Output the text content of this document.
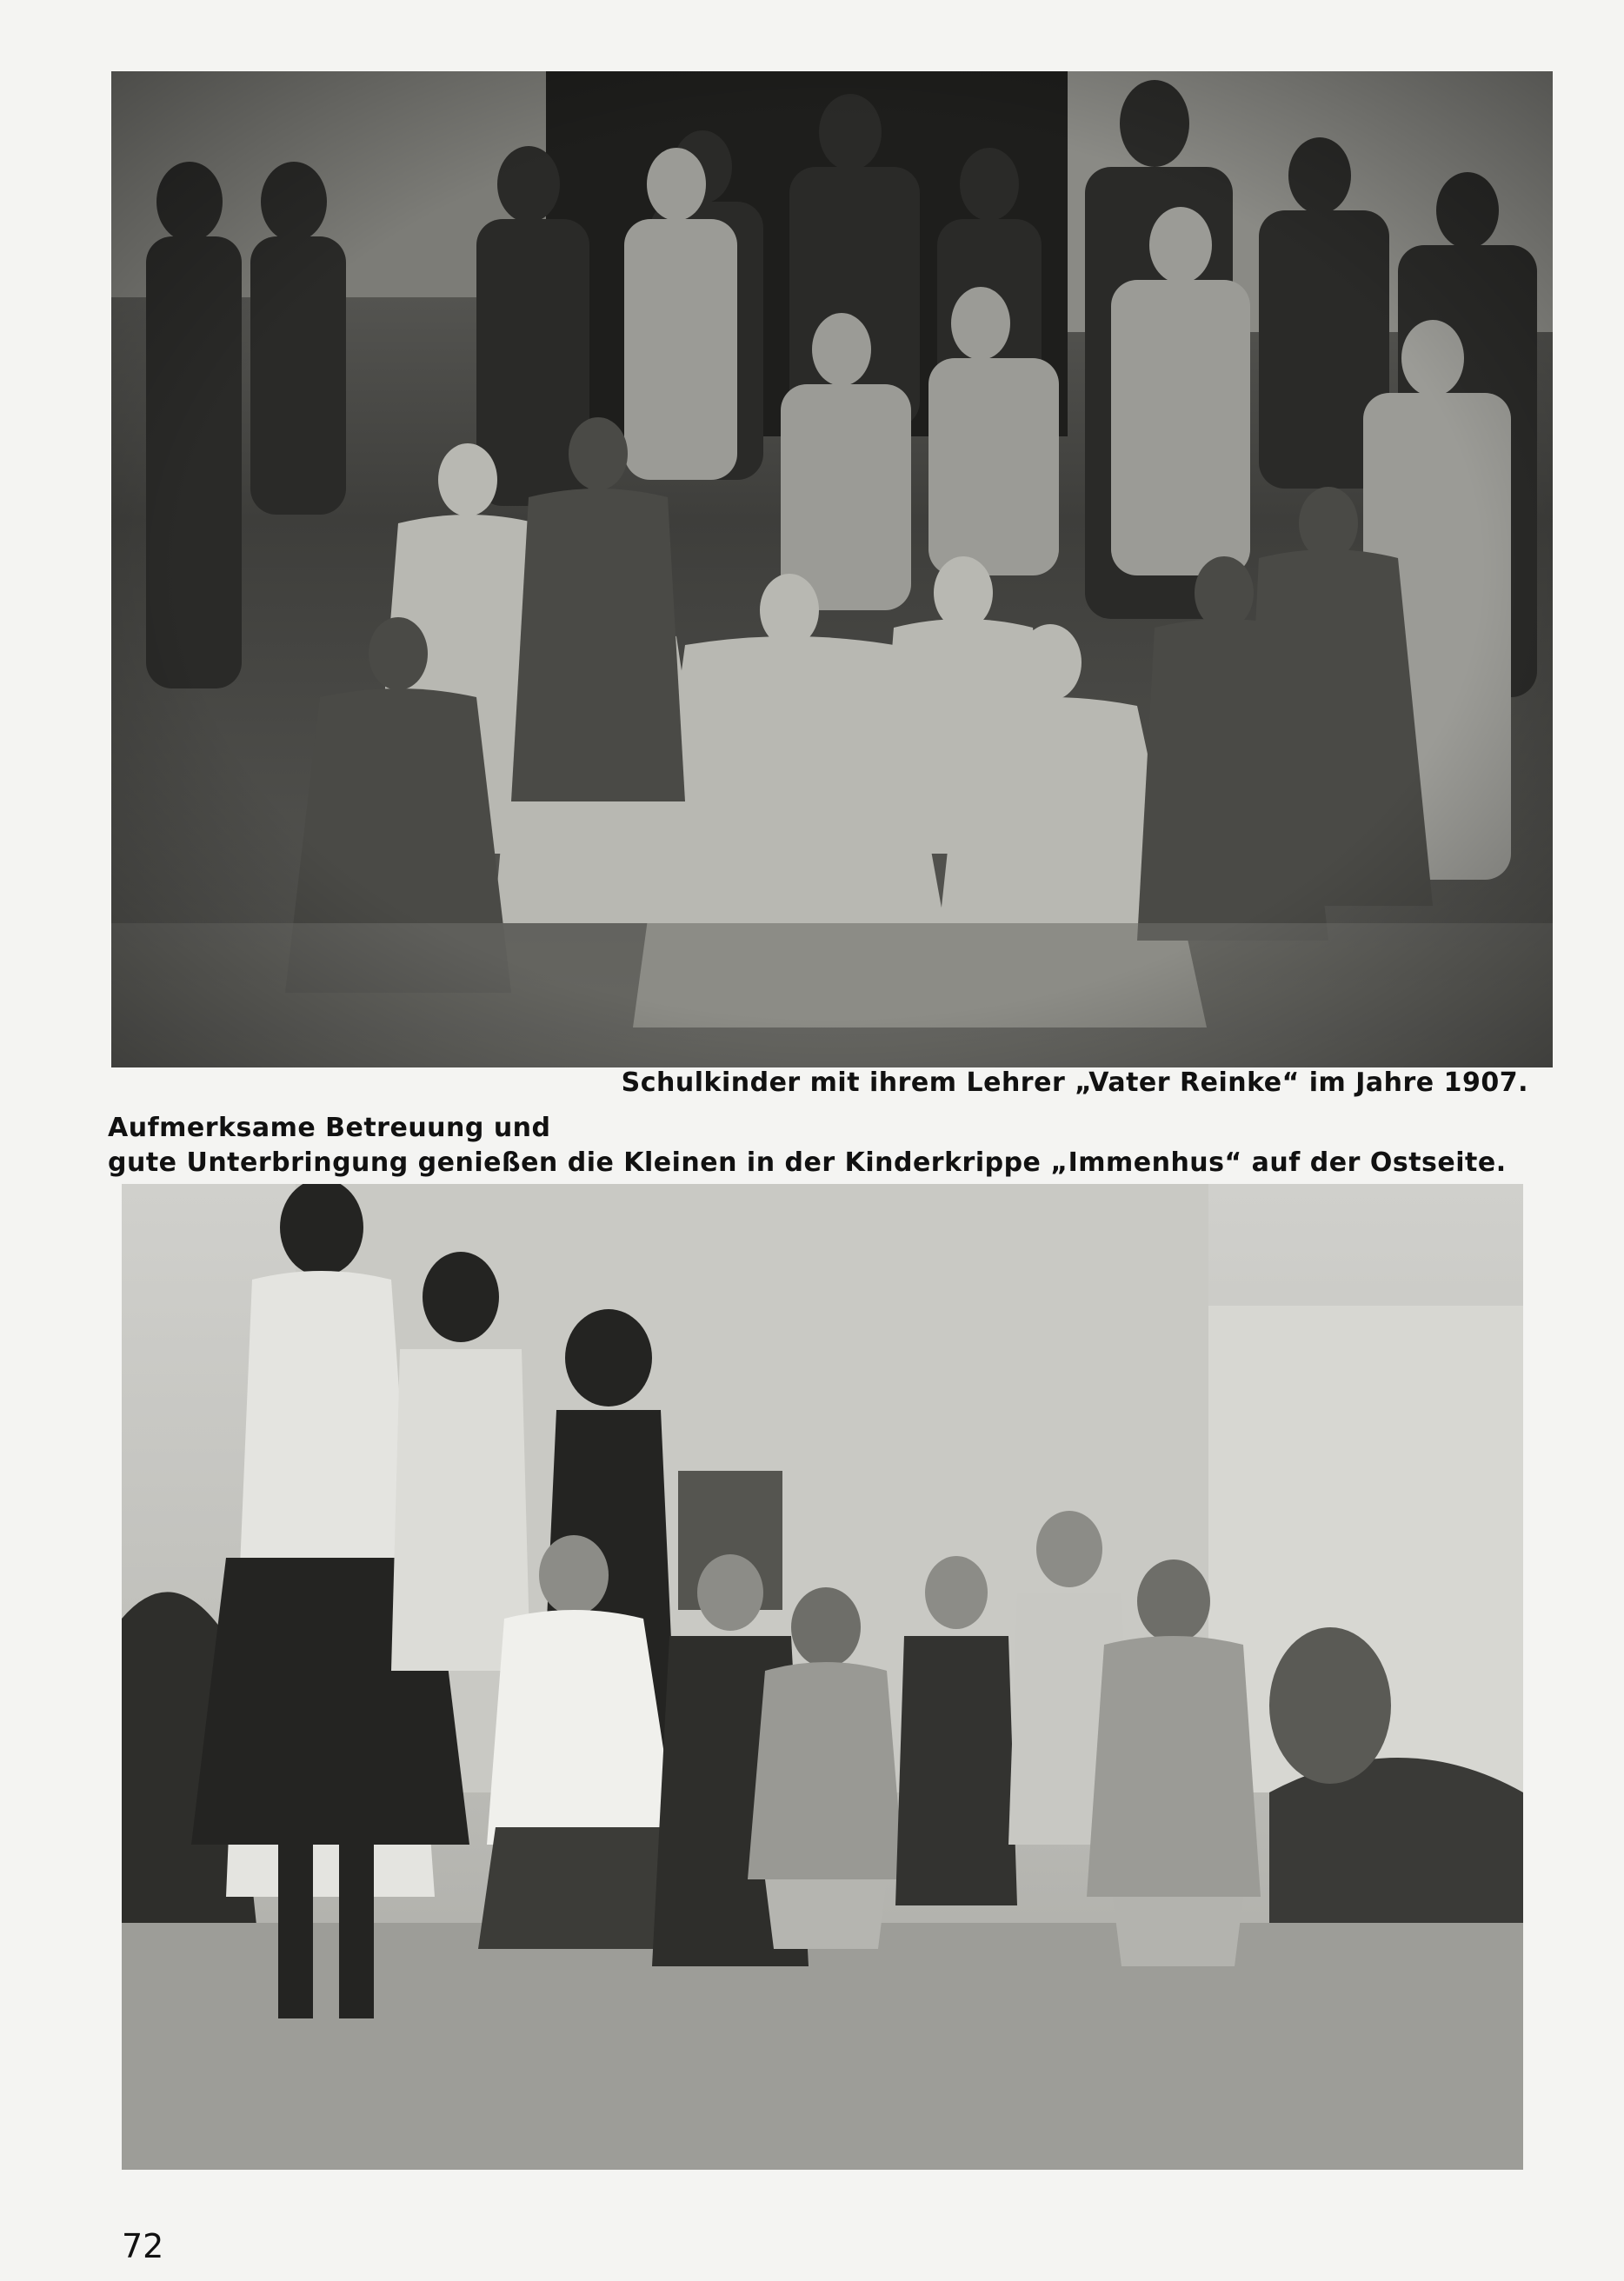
Schulkinder mit ihrem Lehrer „Vater Reinke“ im Jahre 1907.
Aufmerksame Betreuung und
gute Unterbringung genießen die Kleinen in der Kinderkrippe „Immenhus“ auf der Ostseite.
72
